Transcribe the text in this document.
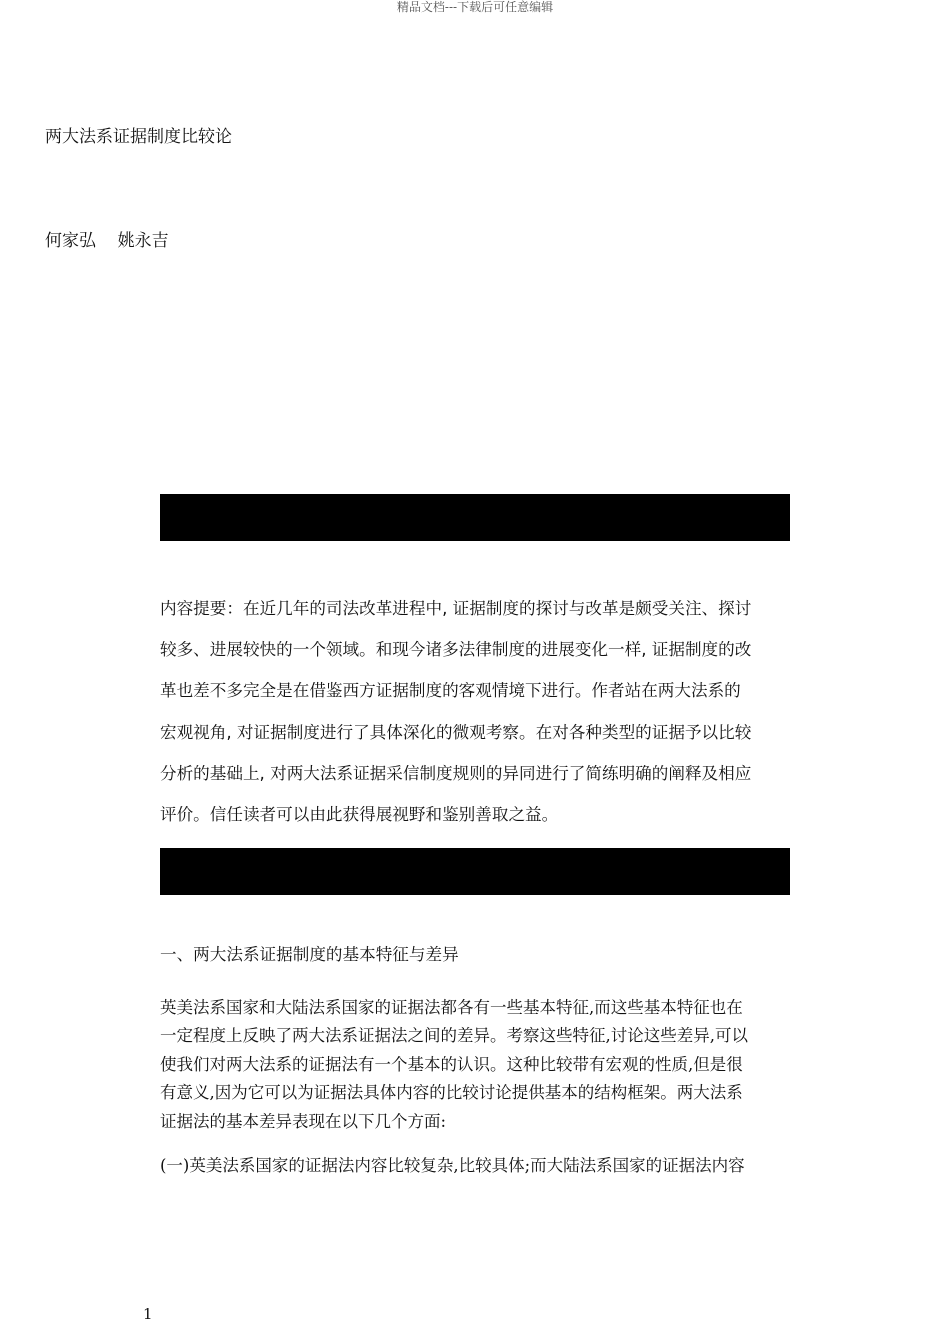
精品文档---下载后可任意编辑
两大法系证据制度比较论
何家弘    姚永吉
内容提要：在近几年的司法改革进程中, 证据制度的探讨与改革是颇受关注、探讨
较多、进展较快的一个领域。和现今诸多法律制度的进展变化一样, 证据制度的改
革也差不多完全是在借鉴西方证据制度的客观情境下进行。作者站在两大法系的
宏观视角, 对证据制度进行了具体深化的微观考察。在对各种类型的证据予以比较
分析的基础上, 对两大法系证据采信制度规则的异同进行了简练明确的阐释及相应
评价。信任读者可以由此获得展视野和鉴别善取之益。
一、两大法系证据制度的基本特征与差异
英美法系国家和大陆法系国家的证据法都各有一些基本特征,而这些基本特征也在
一定程度上反映了两大法系证据法之间的差异。考察这些特征,讨论这些差异,可以
使我们对两大法系的证据法有一个基本的认识。这种比较带有宏观的性质,但是很
有意义,因为它可以为证据法具体内容的比较讨论提供基本的结构框架。两大法系
证据法的基本差异表现在以下几个方面:
(一)英美法系国家的证据法内容比较复杂,比较具体;而大陆法系国家的证据法内容
1
